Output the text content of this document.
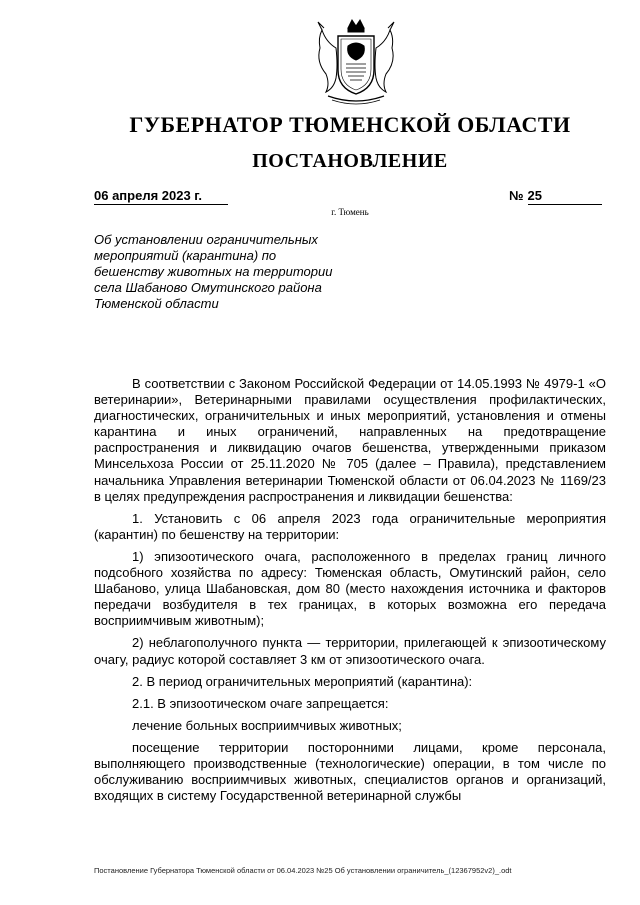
ГУБЕРНАТОР ТЮМЕНСКОЙ ОБЛАСТИ
ПОСТАНОВЛЕНИЕ
06 апреля 2023 г.	№ 25
г. Тюмень
Об установлении ограничительных мероприятий (карантина) по бешенству животных на территории села Шабаново Омутинского района Тюменской области

В соответствии с Законом Российской Федерации от 14.05.1993 № 4979-1 «О ветеринарии», Ветеринарными правилами осуществления профилактических, диагностических, ограничительных и иных мероприятий, установления и отмены карантина и иных ограничений, направленных на предотвращение распространения и ликвидацию очагов бешенства, утвержденными приказом Минсельхоза России от 25.11.2020 № 705 (далее – Правила), представлением начальника Управления ветеринарии Тюменской области от 06.04.2023 № 1169/23 в целях предупреждения распространения и ликвидации бешенства:

1. Установить с 06 апреля 2023 года ограничительные мероприятия (карантин) по бешенству на территории:

1) эпизоотического очага, расположенного в пределах границ личного подсобного хозяйства по адресу: Тюменская область, Омутинский район, село Шабаново, улица Шабановская, дом 80 (место нахождения источника и факторов передачи возбудителя в тех границах, в которых возможна его передача восприимчивым животным);

2) неблагополучного пункта — территории, прилегающей к эпизоотическому очагу, радиус которой составляет 3 км от эпизоотического очага.

2. В период ограничительных мероприятий (карантина):

2.1. В эпизоотическом очаге запрещается:

лечение больных восприимчивых животных;

посещение территории посторонними лицами, кроме персонала, выполняющего производственные (технологические) операции, в том числе по обслуживанию восприимчивых животных, специалистов органов и организаций, входящих в систему Государственной ветеринарной службы

Постановление Губернатора Тюменской области от 06.04.2023 №25 Об установлении ограничитель_(12367952v2)_.odt
